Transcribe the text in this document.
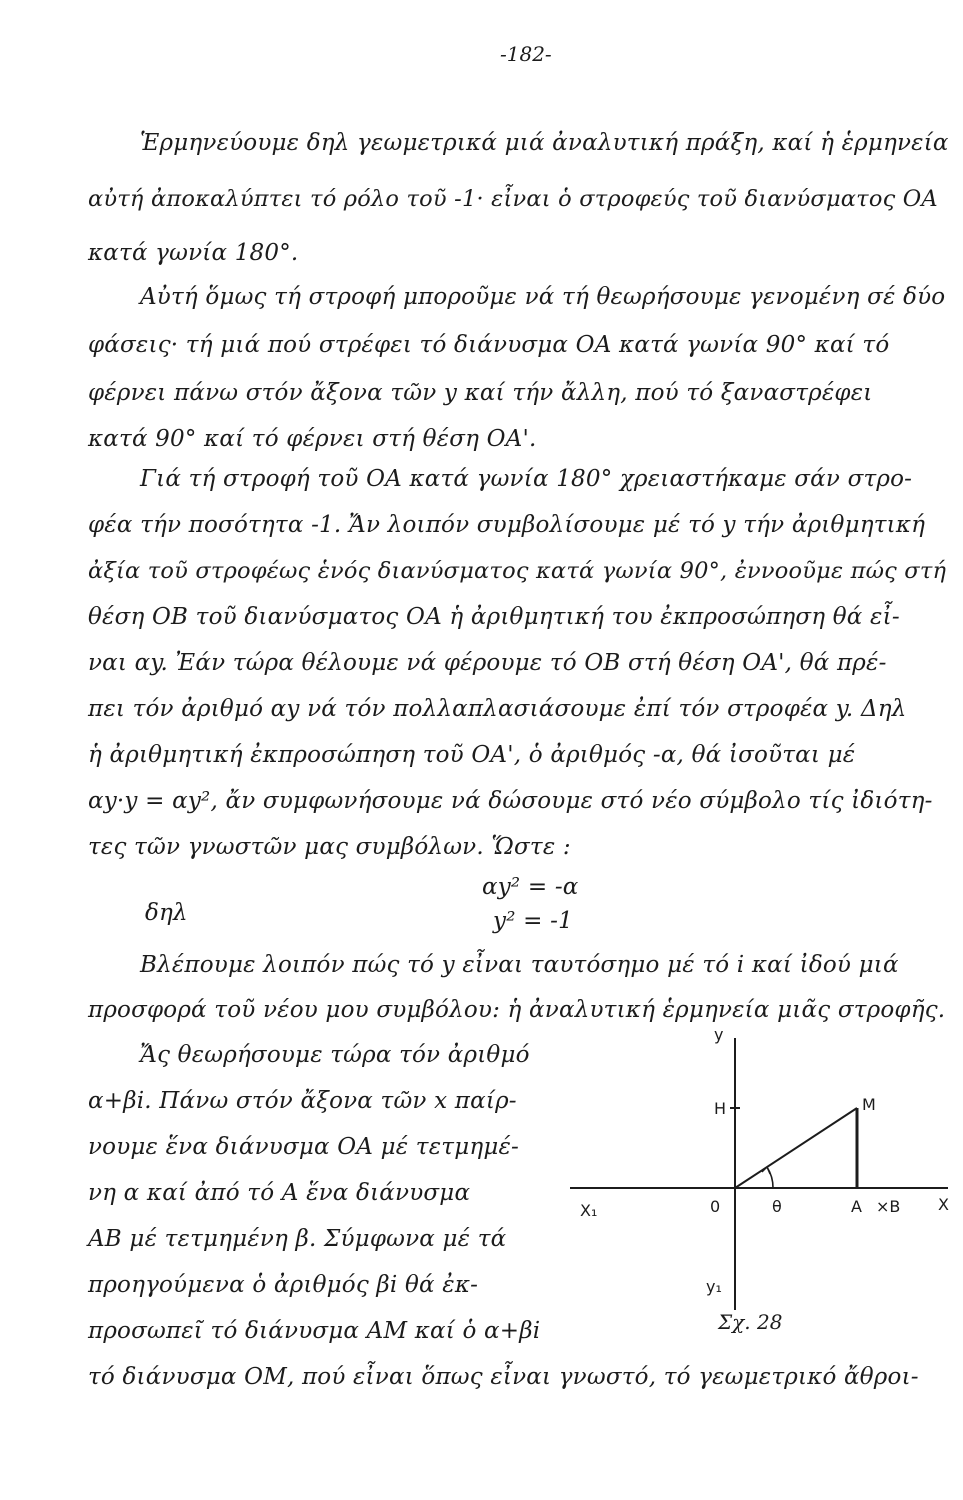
-182-
Ἑρμηνεύουμε δηλ γεωμετρικά μιά ἀναλυτική πράξη, καί ἡ ἑρμηνεία
αὐτή ἀποκαλύπτει τό ρόλο τοῦ -1· εἶναι ὁ στροφεύς τοῦ διανύσματος ΟΑ
κατά γωνία 180°.
Αὐτή ὅμως τή στροφή μποροῦμε νά τή θεωρήσουμε γενομένη σέ δύο
φάσεις· τή μιά πού στρέφει τό διάνυσμα ΟΑ κατά γωνία 90° καί τό
φέρνει πάνω στόν ἄξονα τῶν y καί τήν ἄλλη, πού τό ξαναστρέφει
κατά 90° καί τό φέρνει στή θέση ΟΑ'.
Γιά τή στροφή τοῦ ΟΑ κατά γωνία 180° χρειαστήκαμε σάν στρο-
φέα τήν ποσότητα -1. Ἄν λοιπόν συμβολίσουμε μέ τό y τήν ἀριθμητική
ἀξία τοῦ στροφέως ἑνός διανύσματος κατά γωνία 90°, ἐννοοῦμε πώς στή
θέση ΟΒ τοῦ διανύσματος ΟΑ ἡ ἀριθμητική του ἐκπροσώπηση θά εἶ-
ναι αy. Ἐάν τώρα θέλουμε νά φέρουμε τό ΟΒ στή θέση ΟΑ', θά πρέ-
πει τόν ἀριθμό αy νά τόν πολλαπλασιάσουμε ἐπί τόν στροφέα y. Δηλ
ἡ ἀριθμητική ἐκπροσώπηση τοῦ ΟΑ', ὁ ἀριθμός -α, θά ἰσοῦται μέ
αy·y = αy², ἄν συμφωνήσουμε νά δώσουμε στό νέο σύμβολο τίς ἰδιότη-
τες τῶν γνωστῶν μας συμβόλων. Ὥστε :
αy² = -α
δηλ	y² = -1
Βλέπουμε λοιπόν πώς τό y εἶναι ταυτόσημο μέ τό i καί ἰδού μιά
προσφορά τοῦ νέου μου συμβόλου: ἡ ἀναλυτική ἑρμηνεία μιᾶς στροφῆς.
Ἄς θεωρήσουμε τώρα τόν ἀριθμό
α+βi. Πάνω στόν ἄξονα τῶν x παίρ-
νουμε ἕνα διάνυσμα ΟΑ μέ τετμημέ-
νη α καί ἀπό τό Α ἕνα διάνυσμα
ΑΒ μέ τετμημένη β. Σύμφωνα μέ τά
προηγούμενα ὁ ἀριθμός βi θά ἐκ-
προσωπεῖ τό διάνυσμα ΑΜ καί ὁ α+βi
τό διάνυσμα ΟΜ, πού εἶναι ὅπως εἶναι γνωστό, τό γεωμετρικό ἄθροι-
y
H	M
X₁	0	θ	A ×B X
y₁
Σχ. 28
